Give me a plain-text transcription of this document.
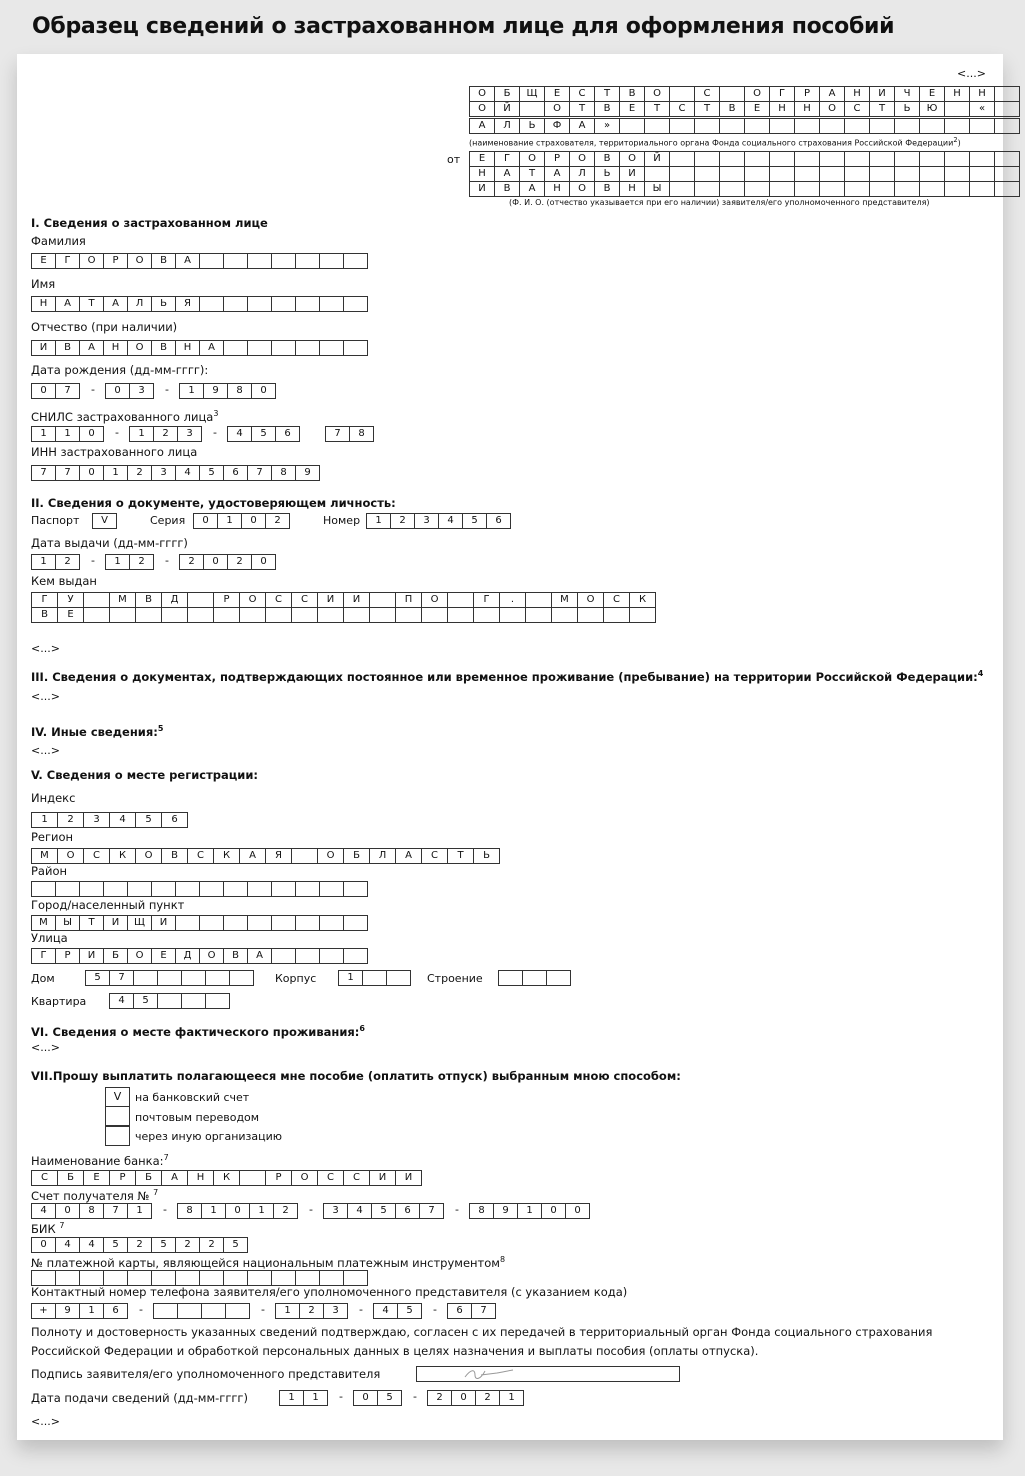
Образец сведений о застрахованном лице для оформления пособий
<...>
О	Б	Щ	Е	С	Т	В	О	С	О	Г	Р	А	Н	И	Ч	Е	Н	Н
О	Й	О	Т	В	Е	Т	С	Т	В	Е	Н	Н	О	С	Т	Ь	Ю	«
А	Л	Ь	Ф	А	»
(наименование страхователя, территориального органа Фонда социального страхования Российской Федерации$^2$)
от	Е	Г	О	Р	О	В	О	Й
Н	А	Т	А	Л	Ь	И
И	В	А	Н	О	В	Н	Ы
(Ф. И. О. (отчество указывается при его наличии) заявителя/его уполномоченного представителя)
I. Сведения о застрахованном лице
Фамилия
Е	Г	О	Р	О	В	А
Имя
Н	А	Т	А	Л	Ь	Я
Отчество (при наличии)
И	В	А	Н	О	В	Н	А
Дата рождения (дд-мм-гггг):
0	7	-	0	3	-	1	9	8	0
СНИЛС застрахованного лица$^3$
1	1	0	-	1	2	3	-	4	5	6	7	8
ИНН застрахованного лица
7	7	0	1	2	3	4	5	6	7	8	9
II. Сведения о документе, удостоверяющем личность:
Паспорт	V	Серия	0	1	0	2	Номер	1	2	3	4	5	6
Дата выдачи (дд-мм-гггг)
1	2	-	1	2	-	2	0	2	0
Кем выдан
Г	У	М	В	Д	Р	О	С	С	И	И	П	О	Г	.	М	О	С	К
В	Е
<...>
III. Сведения о документах, подтверждающих постоянное или временное проживание (пребывание) на территории Российской Федерации:$^4$
<...>
IV. Иные сведения:$^5$
<...>
V. Сведения о месте регистрации:
Индекс
1	2	3	4	5	6
Регион
М	О	С	К	О	В	С	К	А	Я	О	Б	Л	А	С	Т	Ь
Район
Город/населенный пункт
М	Ы	Т	И	Щ	И
Улица
Г	Р	И	Б	О	Е	Д	О	В	А
Дом	5	7	Корпус	1	Строение
Квартира	4	5
VI. Сведения о месте фактического проживания:$^6$
<...>
VII.Прошу выплатить полагающееся мне пособие (оплатить отпуск) выбранным мною способом:
V	на банковский счет
почтовым переводом
через иную организацию
Наименование банка:$^7$
С	Б	Е	Р	Б	А	Н	К	Р	О	С	С	И	И
Счет получателя № $^7$
4	0	8	7	1	-	8	1	0	1	2	-	3	4	5	6	7	-	8	9	1	0	0
БИК $^7$
0	4	4	5	2	5	2	2	5
№ платежной карты, являющейся национальным платежным инструментом$^8$
Контактный номер телефона заявителя/его уполномоченного представителя (с указанием кода)
+	9	1	6	-	-	1	2	3	-	4	5	-	6	7
Полноту и достоверность указанных сведений подтверждаю, согласен с их передачей в территориальный орган Фонда социального страхования Российской Федерации и обработкой персональных данных в целях назначения и выплаты пособия (оплаты отпуска).
Подпись заявителя/его уполномоченного представителя
Дата подачи сведений (дд-мм-гггг)	1	1	-	0	5	-	2	0	2	1
<...>
